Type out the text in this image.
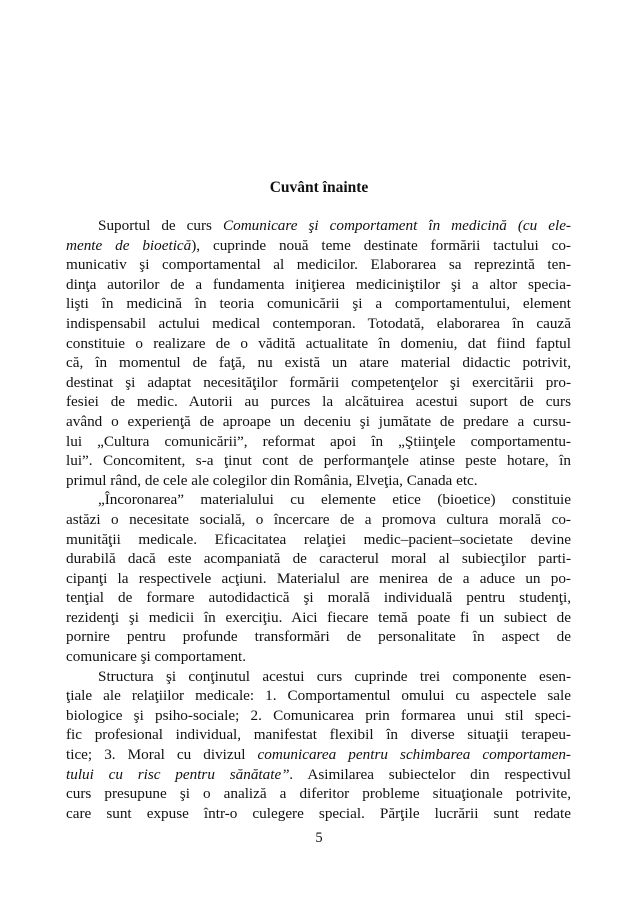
Cuvânt înainte
Suportul de curs Comunicare şi comportament în medicină (cu ele-
mente de bioetică), cuprinde nouă teme destinate formării tactului co-
municativ şi comportamental al medicilor. Elaborarea sa reprezintă ten-
dinţa autorilor de a fundamenta iniţierea mediciniştilor şi a altor specia-
lişti în medicină în teoria comunicării şi a comportamentului, element
indispensabil actului medical contemporan. Totodată, elaborarea în cauză
constituie o realizare de o vădită actualitate în domeniu, dat fiind faptul
că, în momentul de faţă, nu există un atare material didactic potrivit,
destinat şi adaptat necesităţilor formării competenţelor şi exercitării pro-
fesiei de medic. Autorii au purces la alcătuirea acestui suport de curs
având o experienţă de aproape un deceniu şi jumătate de predare a cursu-
lui „Cultura comunicării”, reformat apoi în „Ştiinţele comportamentu-
lui”. Concomitent, s-a ţinut cont de performanţele atinse peste hotare, în
primul rând, de cele ale colegilor din România, Elveţia, Canada etc.
„Încoronarea” materialului cu elemente etice (bioetice) constituie
astăzi o necesitate socială, o încercare de a promova cultura morală co-
munităţii medicale. Eficacitatea relaţiei medic–pacient–societate devine
durabilă dacă este acompaniată de caracterul moral al subiecţilor parti-
cipanţi la respectivele acţiuni. Materialul are menirea de a aduce un po-
tenţial de formare autodidactică şi morală individuală pentru studenţi,
rezidenţi şi medicii în exerciţiu. Aici fiecare temă poate fi un subiect de
pornire pentru profunde transformări de personalitate în aspect de
comunicare şi comportament.
Structura şi conţinutul acestui curs cuprinde trei componente esen-
ţiale ale relaţiilor medicale: 1. Comportamentul omului cu aspectele sale
biologice şi psiho-sociale; 2. Comunicarea prin formarea unui stil speci-
fic profesional individual, manifestat flexibil în diverse situaţii terapeu-
tice; 3. Moral cu divizul comunicarea pentru schimbarea comportamen-
tului cu risc pentru sănătate”. Asimilarea subiectelor din respectivul
curs presupune şi o analiză a diferitor probleme situaţionale potrivite,
care sunt expuse într-o culegere special. Părţile lucrării sunt redate
5
